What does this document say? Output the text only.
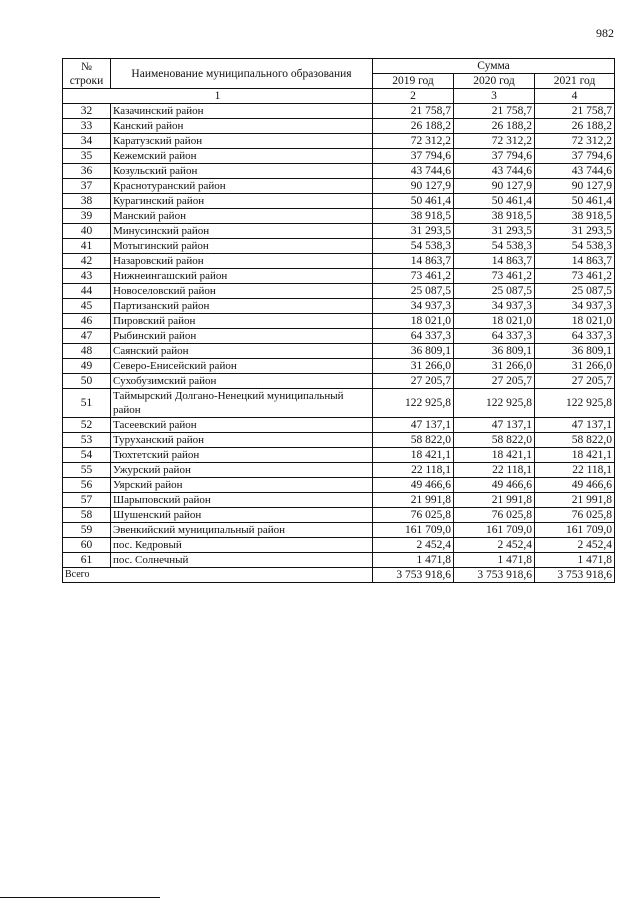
982
№ строки	Наименование муниципального образования	Сумма		
		2019 год	2020 год	2021 год
1		2	3	4
32	Казачинский район	21 758,7	21 758,7	21 758,7
33	Канский район	26 188,2	26 188,2	26 188,2
34	Каратузский район	72 312,2	72 312,2	72 312,2
35	Кежемский район	37 794,6	37 794,6	37 794,6
36	Козульский район	43 744,6	43 744,6	43 744,6
37	Краснотуранский район	90 127,9	90 127,9	90 127,9
38	Курагинский район	50 461,4	50 461,4	50 461,4
39	Манский район	38 918,5	38 918,5	38 918,5
40	Минусинский район	31 293,5	31 293,5	31 293,5
41	Мотыгинский район	54 538,3	54 538,3	54 538,3
42	Назаровский район	14 863,7	14 863,7	14 863,7
43	Нижнеингашский район	73 461,2	73 461,2	73 461,2
44	Новоселовский район	25 087,5	25 087,5	25 087,5
45	Партизанский район	34 937,3	34 937,3	34 937,3
46	Пировский район	18 021,0	18 021,0	18 021,0
47	Рыбинский район	64 337,3	64 337,3	64 337,3
48	Саянский район	36 809,1	36 809,1	36 809,1
49	Северо-Енисейский район	31 266,0	31 266,0	31 266,0
50	Сухобузимский район	27 205,7	27 205,7	27 205,7
51	Таймырский Долгано-Ненецкий муниципальный район	122 925,8	122 925,8	122 925,8
52	Тасеевский район	47 137,1	47 137,1	47 137,1
53	Туруханский район	58 822,0	58 822,0	58 822,0
54	Тюхтетский район	18 421,1	18 421,1	18 421,1
55	Ужурский район	22 118,1	22 118,1	22 118,1
56	Уярский район	49 466,6	49 466,6	49 466,6
57	Шарыповский район	21 991,8	21 991,8	21 991,8
58	Шушенский район	76 025,8	76 025,8	76 025,8
59	Эвенкийский муниципальный район	161 709,0	161 709,0	161 709,0
60	пос. Кедровый	2 452,4	2 452,4	2 452,4
61	пос. Солнечный	1 471,8	1 471,8	1 471,8
Всего		3 753 918,6	3 753 918,6	3 753 918,6
